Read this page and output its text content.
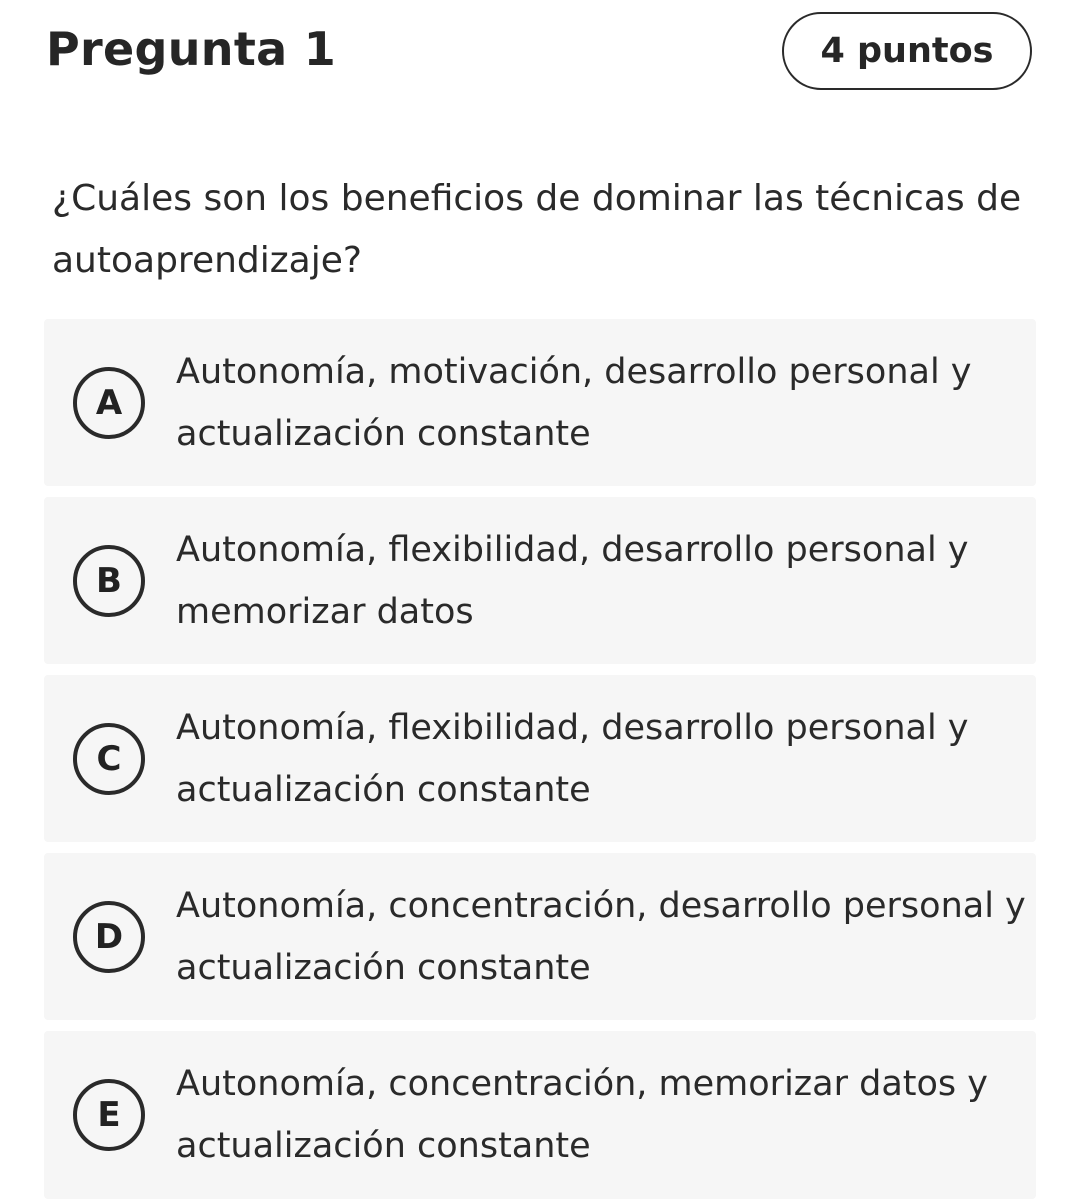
Pregunta 1	4 puntos
¿Cuáles son los beneficios de dominar las técnicas de autoaprendizaje?
A
Autonomía, motivación, desarrollo personal y actualización constante
B
Autonomía, flexibilidad, desarrollo personal y memorizar datos
C
Autonomía, flexibilidad, desarrollo personal y actualización constante
D
Autonomía, concentración, desarrollo personal y actualización constante
E
Autonomía, concentración, memorizar datos y actualización constante
